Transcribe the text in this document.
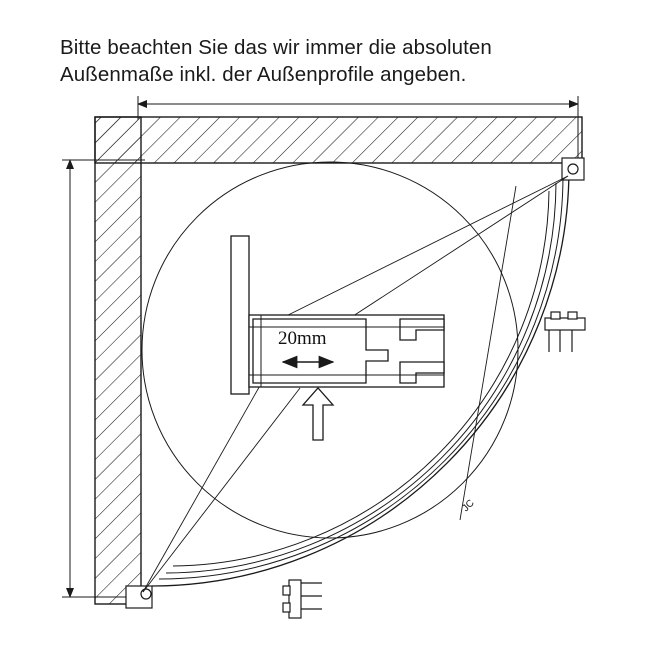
Bitte beachten Sie das wir immer die absoluten
Außenmaße inkl. der Außenprofile angeben.
20mm
JC
